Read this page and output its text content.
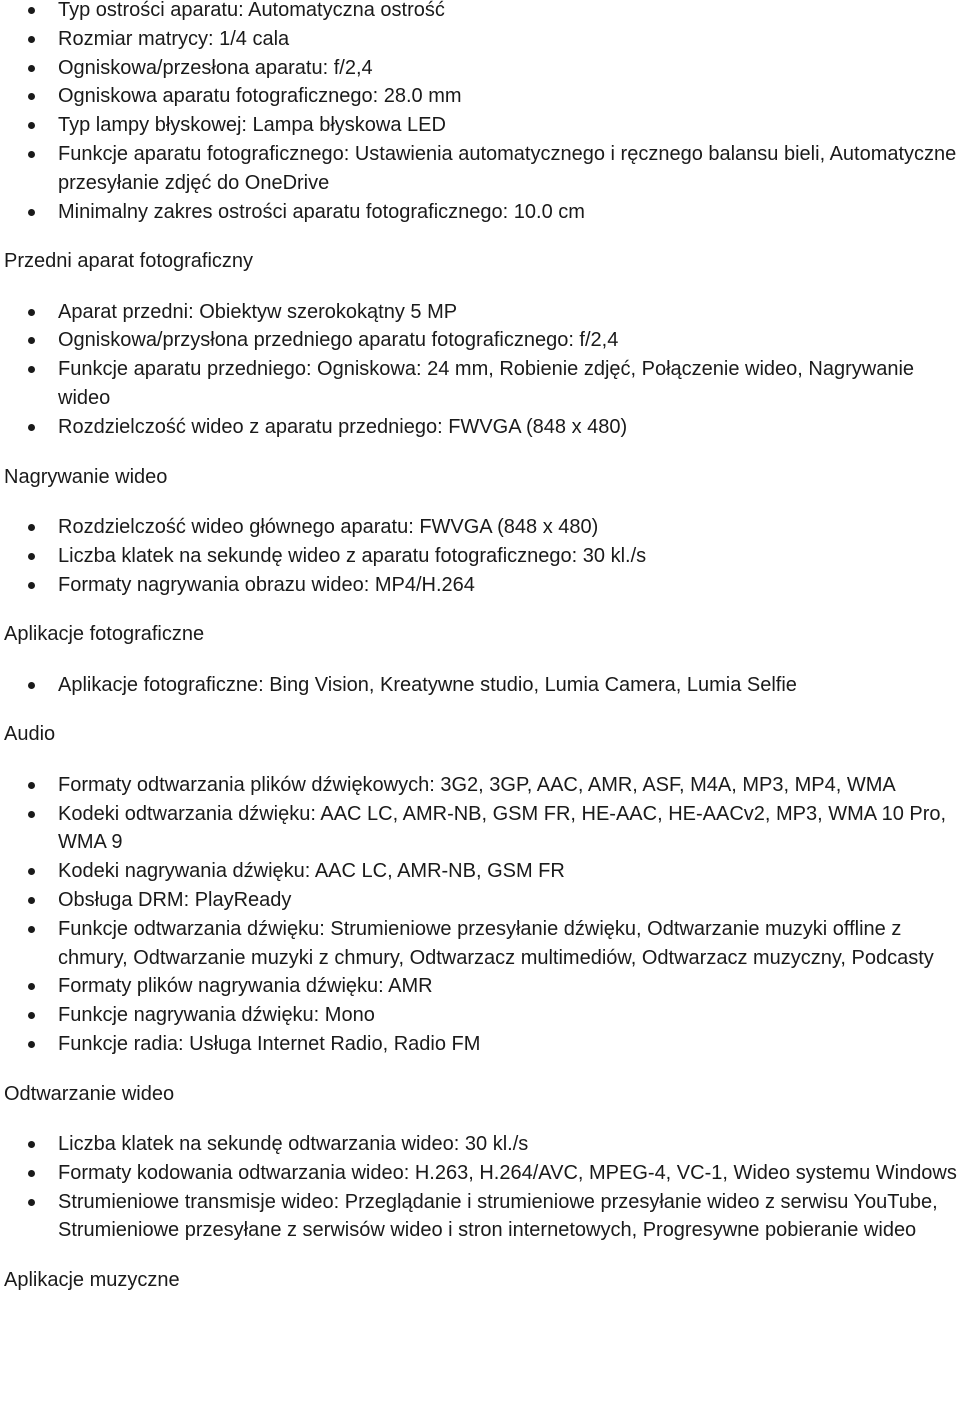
Typ ostrości aparatu: Automatyczna ostrość
Rozmiar matrycy: 1/4 cala
Ogniskowa/przesłona aparatu: f/2,4
Ogniskowa aparatu fotograficznego: 28.0 mm
Typ lampy błyskowej: Lampa błyskowa LED
Funkcje aparatu fotograficznego: Ustawienia automatycznego i ręcznego balansu bieli, Automatyczne przesyłanie zdjęć do OneDrive
Minimalny zakres ostrości aparatu fotograficznego: 10.0 cm
Przedni aparat fotograficzny
Aparat przedni: Obiektyw szerokokątny 5 MP
Ogniskowa/przysłona przedniego aparatu fotograficznego: f/2,4
Funkcje aparatu przedniego: Ogniskowa: 24 mm, Robienie zdjęć, Połączenie wideo, Nagrywanie wideo
Rozdzielczość wideo z aparatu przedniego: FWVGA (848 x 480)
Nagrywanie wideo
Rozdzielczość wideo głównego aparatu: FWVGA (848 x 480)
Liczba klatek na sekundę wideo z aparatu fotograficznego: 30 kl./s
Formaty nagrywania obrazu wideo: MP4/H.264
Aplikacje fotograficzne
Aplikacje fotograficzne: Bing Vision, Kreatywne studio, Lumia Camera, Lumia Selfie
Audio
Formaty odtwarzania plików dźwiękowych: 3G2, 3GP, AAC, AMR, ASF, M4A, MP3, MP4, WMA
Kodeki odtwarzania dźwięku: AAC LC, AMR-NB, GSM FR, HE-AAC, HE-AACv2, MP3, WMA 10 Pro, WMA 9
Kodeki nagrywania dźwięku: AAC LC, AMR-NB, GSM FR
Obsługa DRM: PlayReady
Funkcje odtwarzania dźwięku: Strumieniowe przesyłanie dźwięku, Odtwarzanie muzyki offline z chmury, Odtwarzanie muzyki z chmury, Odtwarzacz multimediów, Odtwarzacz muzyczny, Podcasty
Formaty plików nagrywania dźwięku: AMR
Funkcje nagrywania dźwięku: Mono
Funkcje radia: Usługa Internet Radio, Radio FM
Odtwarzanie wideo
Liczba klatek na sekundę odtwarzania wideo: 30 kl./s
Formaty kodowania odtwarzania wideo: H.263, H.264/AVC, MPEG-4, VC-1, Wideo systemu Windows
Strumieniowe transmisje wideo: Przeglądanie i strumieniowe przesyłanie wideo z serwisu YouTube, Strumieniowe przesyłane z serwisów wideo i stron internetowych, Progresywne pobieranie wideo
Aplikacje muzyczne
